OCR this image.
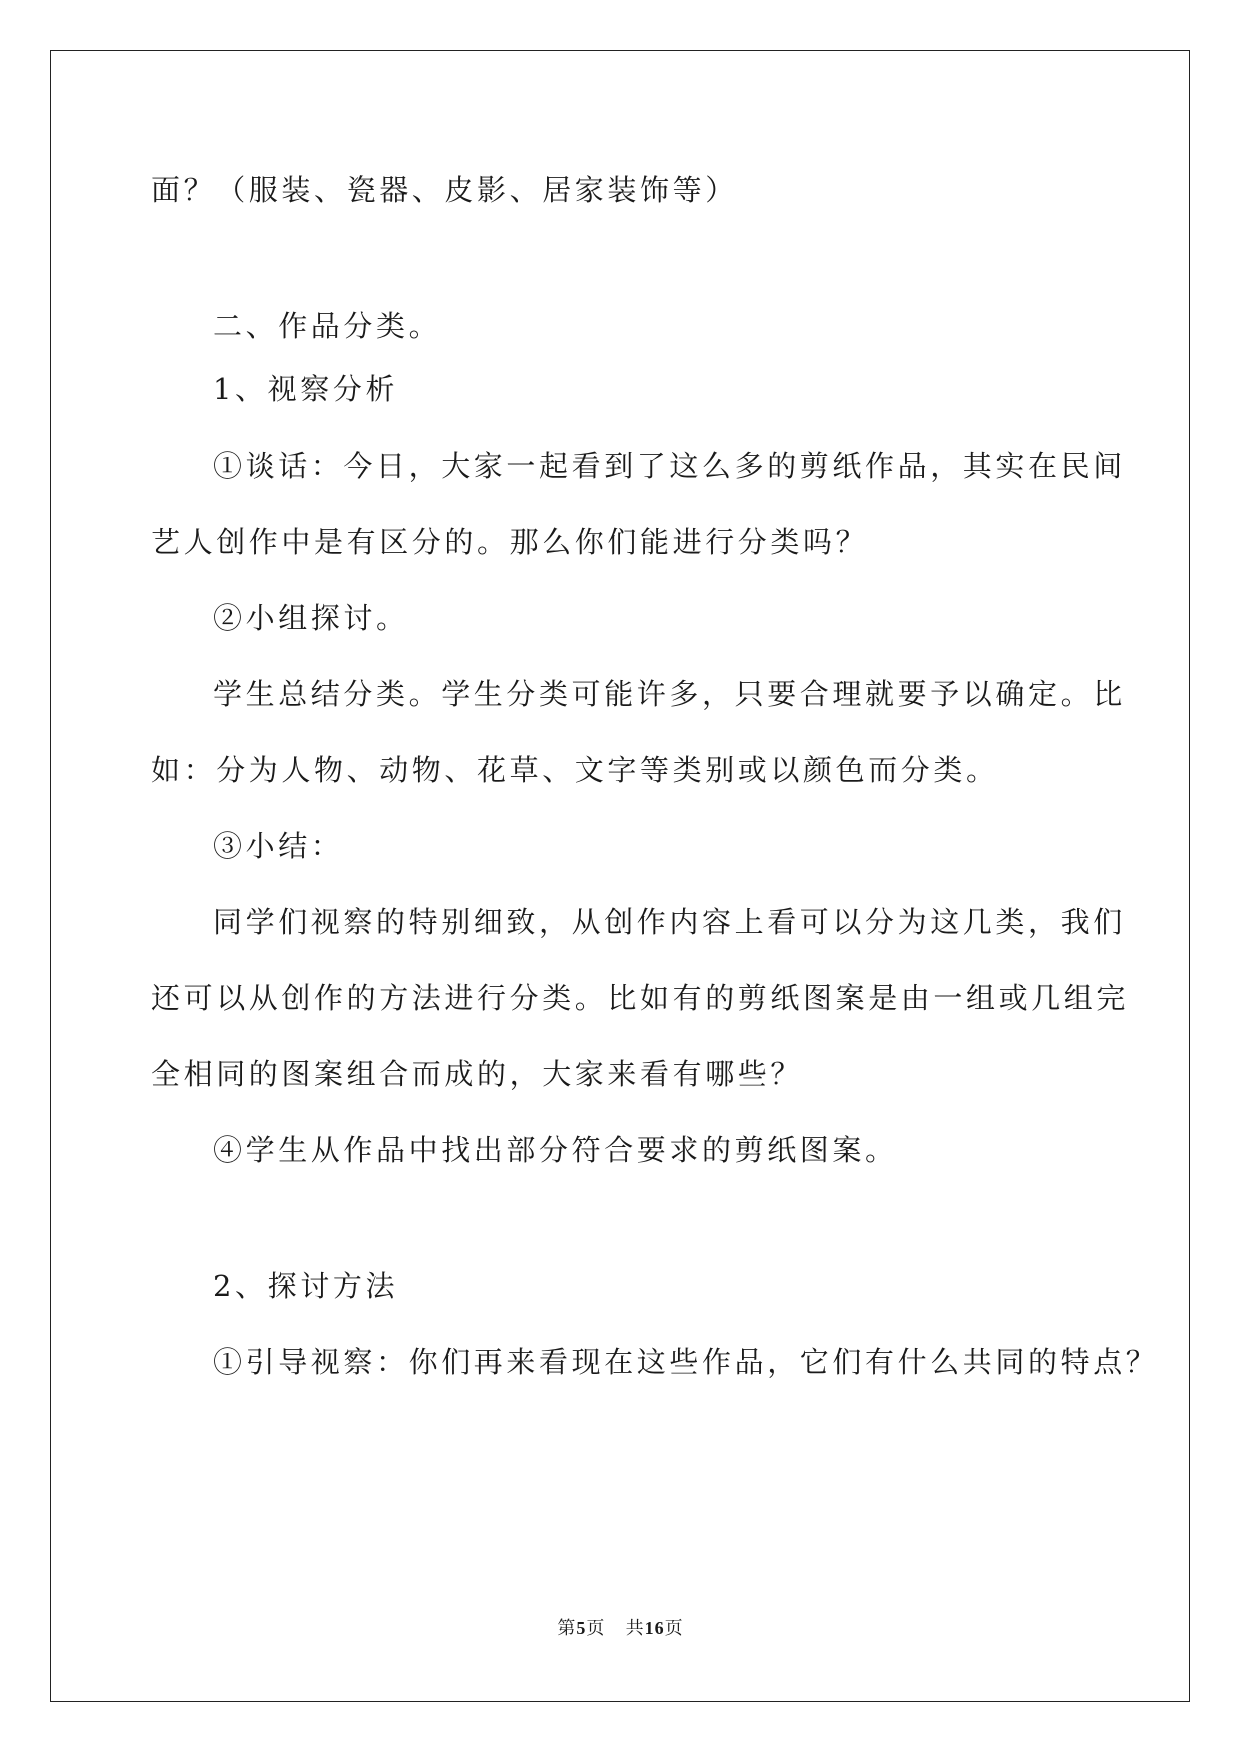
面？（服装、瓷器、皮影、居家装饰等）
二、作品分类。
1、视察分析
①谈话：今日，大家一起看到了这么多的剪纸作品，其实在民间
艺人创作中是有区分的。那么你们能进行分类吗？
②小组探讨。
学生总结分类。学生分类可能许多，只要合理就要予以确定。比
如：分为人物、动物、花草、文字等类别或以颜色而分类。
③小结：
同学们视察的特别细致，从创作内容上看可以分为这几类，我们
还可以从创作的方法进行分类。比如有的剪纸图案是由一组或几组完
全相同的图案组合而成的，大家来看有哪些？
④学生从作品中找出部分符合要求的剪纸图案。
2、探讨方法
①引导视察：你们再来看现在这些作品，它们有什么共同的特点？
第5页 共16页
